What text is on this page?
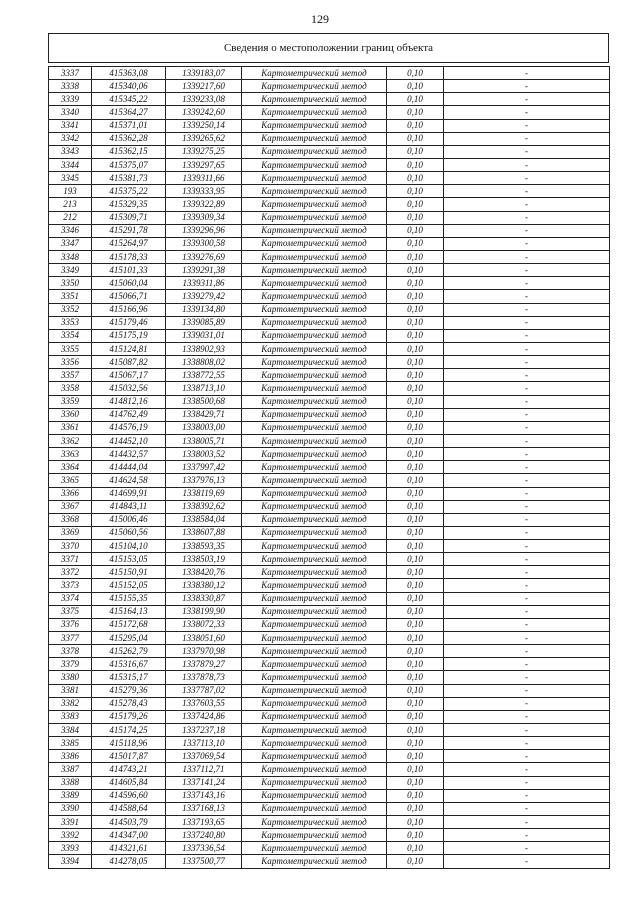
129
Сведения о местоположении границ объекта
3337	415363,08	1339183,07	Картометрический метод	0,10	-
3338	415340,06	1339217,60	Картометрический метод	0,10	-
3339	415345,22	1339233,08	Картометрический метод	0,10	-
3340	415364,27	1339242,60	Картометрический метод	0,10	-
3341	415371,01	1339250,14	Картометрический метод	0,10	-
3342	415362,28	1339265,62	Картометрический метод	0,10	-
3343	415362,15	1339275,25	Картометрический метод	0,10	-
3344	415375,07	1339297,65	Картометрический метод	0,10	-
3345	415381,73	1339311,66	Картометрический метод	0,10	-
193	415375,22	1339333,95	Картометрический метод	0,10	-
213	415329,35	1339322,89	Картометрический метод	0,10	-
212	415309,71	1339309,34	Картометрический метод	0,10	-
3346	415291,78	1339296,96	Картометрический метод	0,10	-
3347	415264,97	1339300,58	Картометрический метод	0,10	-
3348	415178,33	1339276,69	Картометрический метод	0,10	-
3349	415101,33	1339291,38	Картометрический метод	0,10	-
3350	415060,04	1339311,86	Картометрический метод	0,10	-
3351	415066,71	1339279,42	Картометрический метод	0,10	-
3352	415166,96	1339134,80	Картометрический метод	0,10	-
3353	415179,46	1339085,89	Картометрический метод	0,10	-
3354	415175,19	1339031,01	Картометрический метод	0,10	-
3355	415124,81	1338902,93	Картометрический метод	0,10	-
3356	415087,82	1338808,02	Картометрический метод	0,10	-
3357	415067,17	1338772,55	Картометрический метод	0,10	-
3358	415032,56	1338713,10	Картометрический метод	0,10	-
3359	414812,16	1338500,68	Картометрический метод	0,10	-
3360	414762,49	1338429,71	Картометрический метод	0,10	-
3361	414576,19	1338003,00	Картометрический метод	0,10	-
3362	414452,10	1338005,71	Картометрический метод	0,10	-
3363	414432,57	1338003,52	Картометрический метод	0,10	-
3364	414444,04	1337997,42	Картометрический метод	0,10	-
3365	414624,58	1337976,13	Картометрический метод	0,10	-
3366	414699,91	1338119,69	Картометрический метод	0,10	-
3367	414843,11	1338392,62	Картометрический метод	0,10	-
3368	415006,46	1338584,04	Картометрический метод	0,10	-
3369	415060,56	1338607,88	Картометрический метод	0,10	-
3370	415104,10	1338593,35	Картометрический метод	0,10	-
3371	415153,05	1338503,19	Картометрический метод	0,10	-
3372	415150,91	1338420,76	Картометрический метод	0,10	-
3373	415152,05	1338380,12	Картометрический метод	0,10	-
3374	415155,35	1338330,87	Картометрический метод	0,10	-
3375	415164,13	1338199,90	Картометрический метод	0,10	-
3376	415172,68	1338072,33	Картометрический метод	0,10	-
3377	415295,04	1338051,60	Картометрический метод	0,10	-
3378	415262,79	1337970,98	Картометрический метод	0,10	-
3379	415316,67	1337879,27	Картометрический метод	0,10	-
3380	415315,17	1337878,73	Картометрический метод	0,10	-
3381	415279,36	1337787,02	Картометрический метод	0,10	-
3382	415278,43	1337603,55	Картометрический метод	0,10	-
3383	415179,26	1337424,86	Картометрический метод	0,10	-
3384	415174,25	1337237,18	Картометрический метод	0,10	-
3385	415118,96	1337113,10	Картометрический метод	0,10	-
3386	415017,87	1337069,54	Картометрический метод	0,10	-
3387	414743,21	1337112,71	Картометрический метод	0,10	-
3388	414605,84	1337141,24	Картометрический метод	0,10	-
3389	414596,60	1337143,16	Картометрический метод	0,10	-
3390	414588,64	1337168,13	Картометрический метод	0,10	-
3391	414503,79	1337193,65	Картометрический метод	0,10	-
3392	414347,00	1337240,80	Картометрический метод	0,10	-
3393	414321,61	1337336,54	Картометрический метод	0,10	-
3394	414278,05	1337500,77	Картометрический метод	0,10	-
